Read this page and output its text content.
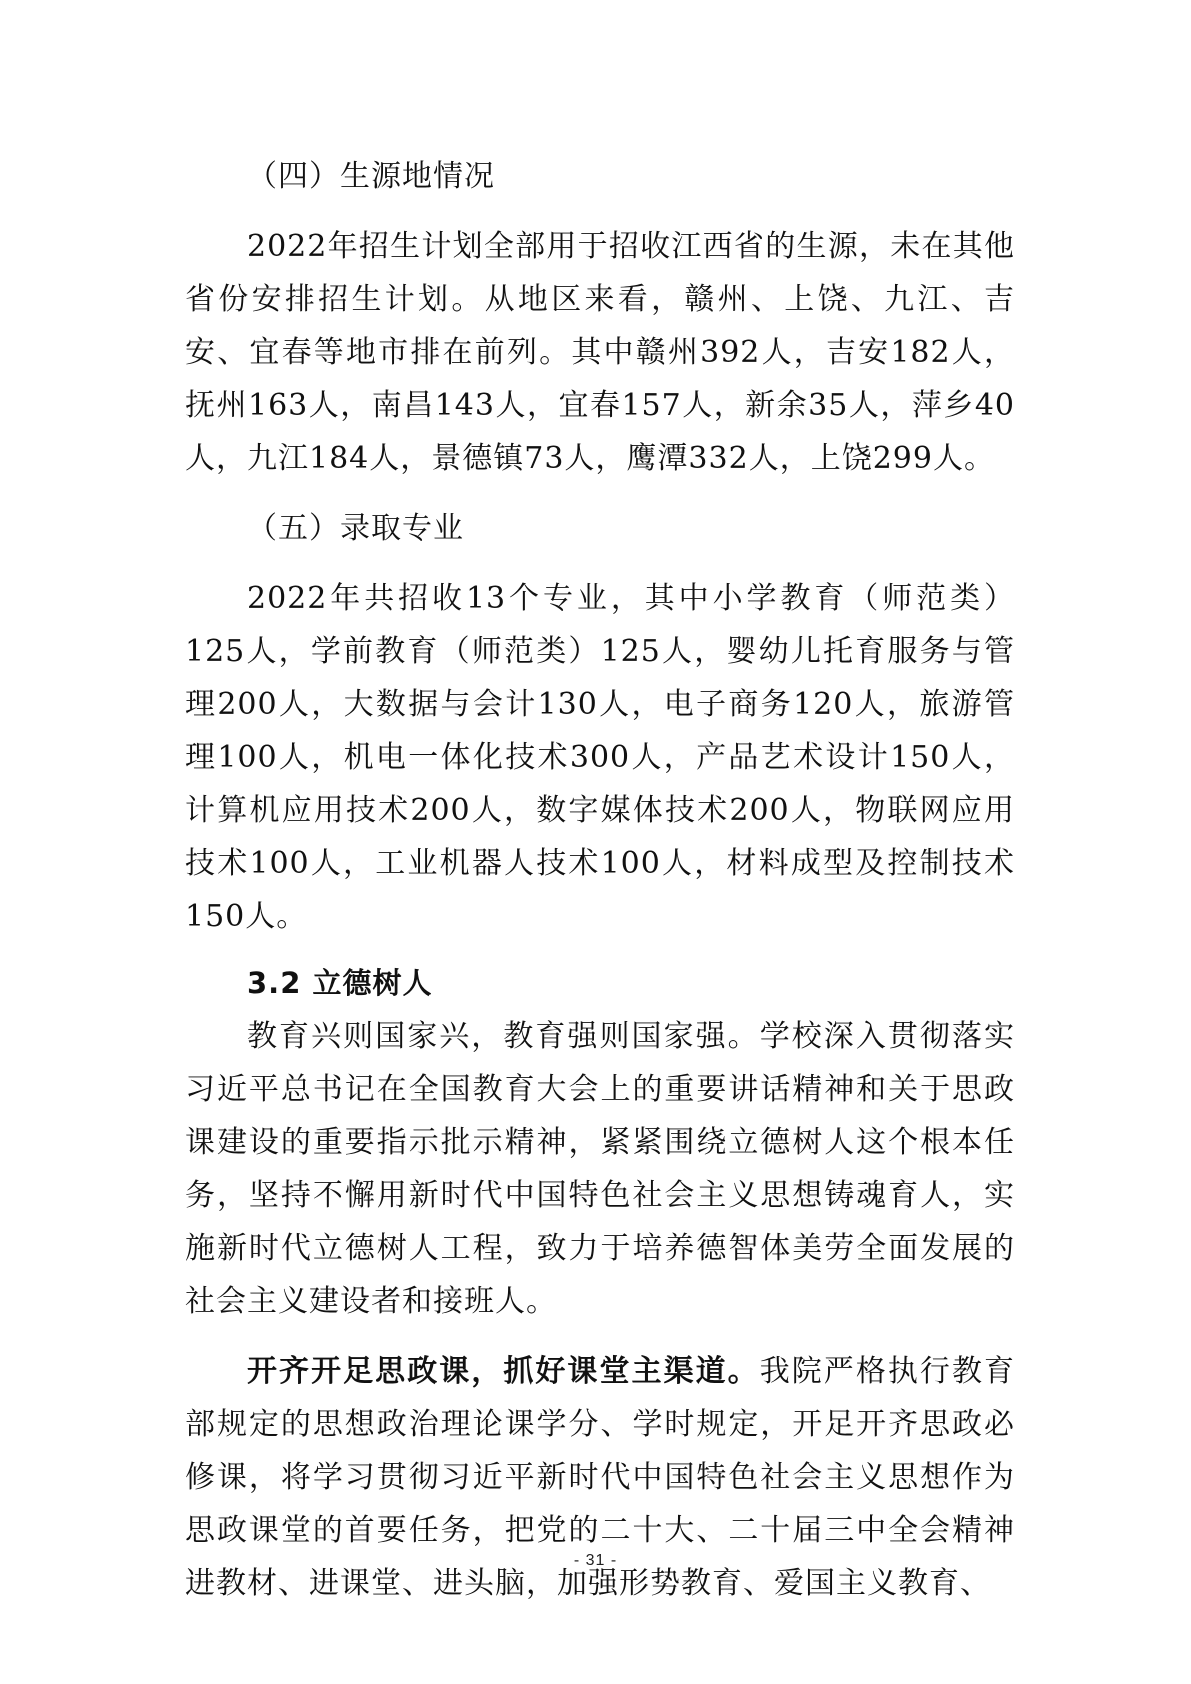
（四）生源地情况

2022年招生计划全部用于招收江西省的生源，未在其他省份安排招生计划。从地区来看，赣州、上饶、九江、吉安、宜春等地市排在前列。其中赣州392人，吉安182人，抚州163人，南昌143人，宜春157人，新余35人，萍乡40人，九江184人，景德镇73人，鹰潭332人，上饶299人。

（五）录取专业

2022年共招收13个专业，其中小学教育（师范类）125人，学前教育（师范类）125人，婴幼儿托育服务与管理200人，大数据与会计130人，电子商务120人，旅游管理100人，机电一体化技术300人，产品艺术设计150人，计算机应用技术200人，数字媒体技术200人，物联网应用技术100人，工业机器人技术100人，材料成型及控制技术150人。

3.2 立德树人

教育兴则国家兴，教育强则国家强。学校深入贯彻落实习近平总书记在全国教育大会上的重要讲话精神和关于思政课建设的重要指示批示精神，紧紧围绕立德树人这个根本任务，坚持不懈用新时代中国特色社会主义思想铸魂育人，实施新时代立德树人工程，致力于培养德智体美劳全面发展的社会主义建设者和接班人。

开齐开足思政课，抓好课堂主渠道。我院严格执行教育部规定的思想政治理论课学分、学时规定，开足开齐思政必修课，将学习贯彻习近平新时代中国特色社会主义思想作为思政课堂的首要任务，把党的二十大、二十届三中全会精神进教材、进课堂、进头脑，加强形势教育、爱国主义教育、

- 31 -
